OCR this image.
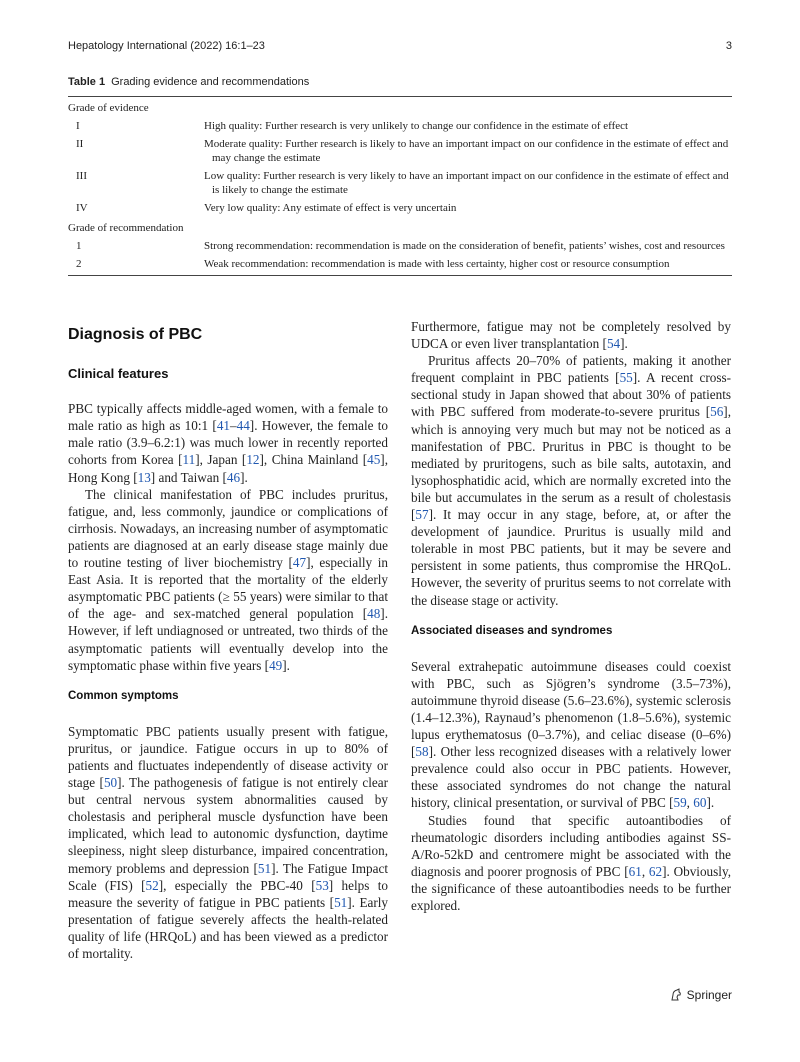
Hepatology International (2022) 16:1–23	3
Table 1 Grading evidence and recommendations
Grade of evidence
I	High quality: Further research is very unlikely to change our confidence in the estimate of effect
II	Moderate quality: Further research is likely to have an important impact on our confidence in the estimate of effect and may change the estimate
III	Low quality: Further research is very likely to have an important impact on our confidence in the estimate of effect and is likely to change the estimate
IV	Very low quality: Any estimate of effect is very uncertain
Grade of recommendation
1	Strong recommendation: recommendation is made on the consideration of benefit, patients’ wishes, cost and resources
2	Weak recommendation: recommendation is made with less certainty, higher cost or resource consumption
Diagnosis of PBC
Clinical features

PBC typically affects middle-aged women, with a female to male ratio as high as 10:1 [41–44]. However, the female to male ratio (3.9–6.2:1) was much lower in recently reported cohorts from Korea [11], Japan [12], China Mainland [45], Hong Kong [13] and Taiwan [46].

The clinical manifestation of PBC includes pruritus, fatigue, and, less commonly, jaundice or complications of cirrhosis. Nowadays, an increasing number of asymptomatic patients are diagnosed at an early disease stage mainly due to routine testing of liver biochemistry [47], especially in East Asia. It is reported that the mortality of the elderly asymptomatic PBC patients (≥ 55 years) were similar to that of the age- and sex-matched general population [48]. However, if left undiagnosed or untreated, two thirds of the asymptomatic patients will eventually develop into the symptomatic phase within five years [49].

Common symptoms

Symptomatic PBC patients usually present with fatigue, pruritus, or jaundice. Fatigue occurs in up to 80% of patients and fluctuates independently of disease activity or stage [50]. The pathogenesis of fatigue is not entirely clear but central nervous system abnormalities caused by cholestasis and peripheral muscle dysfunction have been implicated, which lead to autonomic dysfunction, daytime sleepiness, night sleep disturbance, impaired concentration, memory problems and depression [51]. The Fatigue Impact Scale (FIS) [52], especially the PBC-40 [53] helps to measure the severity of fatigue in PBC patients [51]. Early presentation of fatigue severely affects the health-related quality of life (HRQoL) and has been viewed as a predictor of mortality.

Furthermore, fatigue may not be completely resolved by UDCA or even liver transplantation [54].

Pruritus affects 20–70% of patients, making it another frequent complaint in PBC patients [55]. A recent cross-sectional study in Japan showed that about 30% of patients with PBC suffered from moderate-to-severe pruritus [56], which is annoying very much but may not be noticed as a manifestation of PBC. Pruritus in PBC is thought to be mediated by pruritogens, such as bile salts, autotaxin, and lysophosphatidic acid, which are normally excreted into the bile but accumulates in the serum as a result of cholestasis [57]. It may occur in any stage, before, at, or after the development of jaundice. Pruritus is usually mild and tolerable in most PBC patients, but it may be severe and persistent in some patients, thus compromise the HRQoL. However, the severity of pruritus seems to not correlate with the disease stage or activity.

Associated diseases and syndromes

Several extrahepatic autoimmune diseases could coexist with PBC, such as Sjögren’s syndrome (3.5–73%), autoimmune thyroid disease (5.6–23.6%), systemic sclerosis (1.4–12.3%), Raynaud’s phenomenon (1.8–5.6%), systemic lupus erythematosus (0–3.7%), and celiac disease (0–6%) [58]. Other less recognized diseases with a relatively lower prevalence could also occur in PBC patients. However, these associated syndromes do not change the natural history, clinical presentation, or survival of PBC [59, 60].

Studies found that specific autoantibodies of rheumatologic disorders including antibodies against SS-A/Ro-52kD and centromere might be associated with the diagnosis and poorer prognosis of PBC [61, 62]. Obviously, the significance of these autoantibodies needs to be further explored.

Springer
